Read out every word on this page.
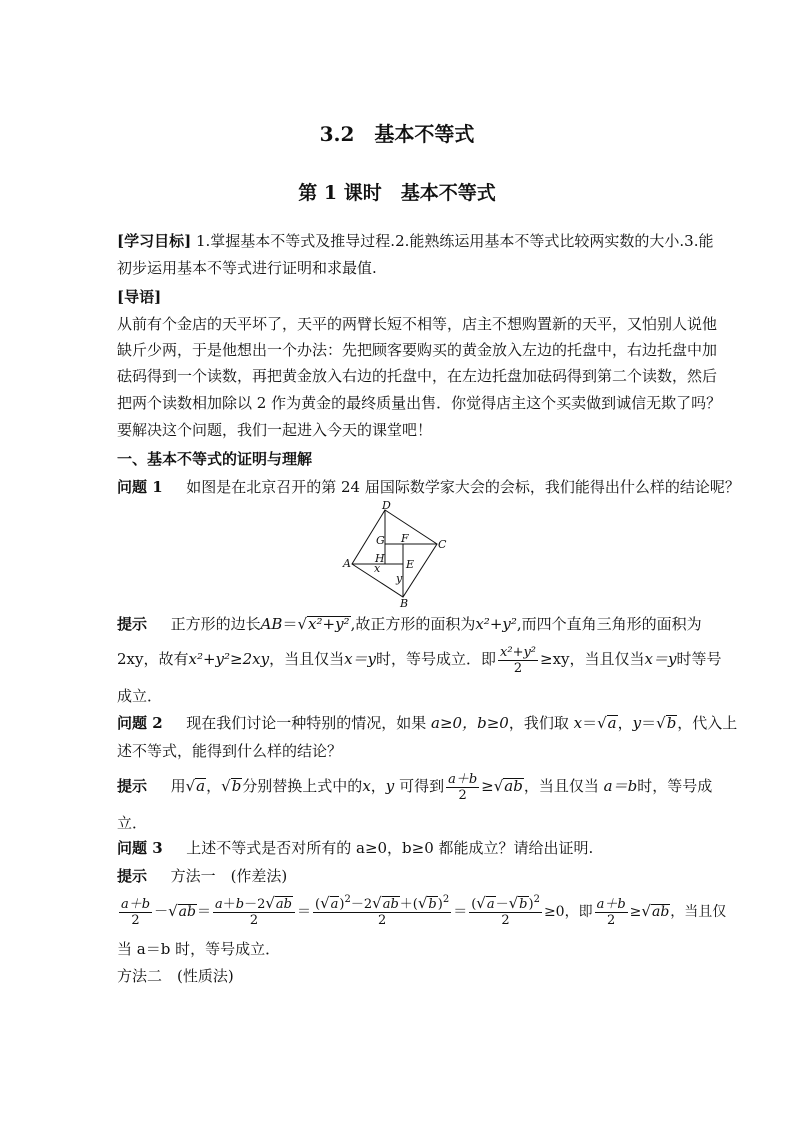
3.2　基本不等式
第 1 课时　基本不等式
[学习目标] 1.掌握基本不等式及推导过程.2.能熟练运用基本不等式比较两实数的大小.3.能
初步运用基本不等式进行证明和求最值.
[导语]
从前有个金店的天平坏了，天平的两臂长短不相等，店主不想购置新的天平，又怕别人说他
缺斤少两，于是他想出一个办法：先把顾客要购买的黄金放入左边的托盘中，右边托盘中加
砝码得到一个读数，再把黄金放入右边的托盘中，在左边托盘加砝码得到第二个读数，然后
把两个读数相加除以 2 作为黄金的最终质量出售．你觉得店主这个买卖做到诚信无欺了吗？
要解决这个问题，我们一起进入今天的课堂吧！
一、基本不等式的证明与理解
问题 1 如图是在北京召开的第 24 届国际数学家大会的会标，我们能得出什么样的结论呢？
D
C
B
A
G F
H E
x
y
提示 正方形的边长AB＝√x²+y²,故正方形的面积为x²+y²,而四个直角三角形的面积为
2xy，故有x²+y²≥2xy，当且仅当x＝y时，等号成立．即 $\frac{\text{x²+y²}}{2} \ge xy$，当且仅当x＝y时等号
成立．
问题 2 现在我们讨论一种特别的情况，如果 a≥0，b≥0，我们取 x＝√a，y＝√b，代入上
述不等式，能得到什么样的结论？
提示 用√a，√b分别替换上式中的x，y 可得到 $\frac{a+b}{2} \ge√ab$，当且仅当 a＝b时，等号成
立．
问题 3 上述不等式是否对所有的 a≥0，b≥0 都能成立？请给出证明.
提示 方法一　(作差法)
$\frac{a+b}{2} -√ab= \frac{a+b-2√ab}{2} = \frac{(√a)^2-2√ab+(√b)^2}{2} = \frac{(√a-√b)^2}{2} \ge 0$，即 $\frac{a+b}{2} \ge√ab$，当且仅
当 a＝b 时，等号成立．
方法二　(性质法)
